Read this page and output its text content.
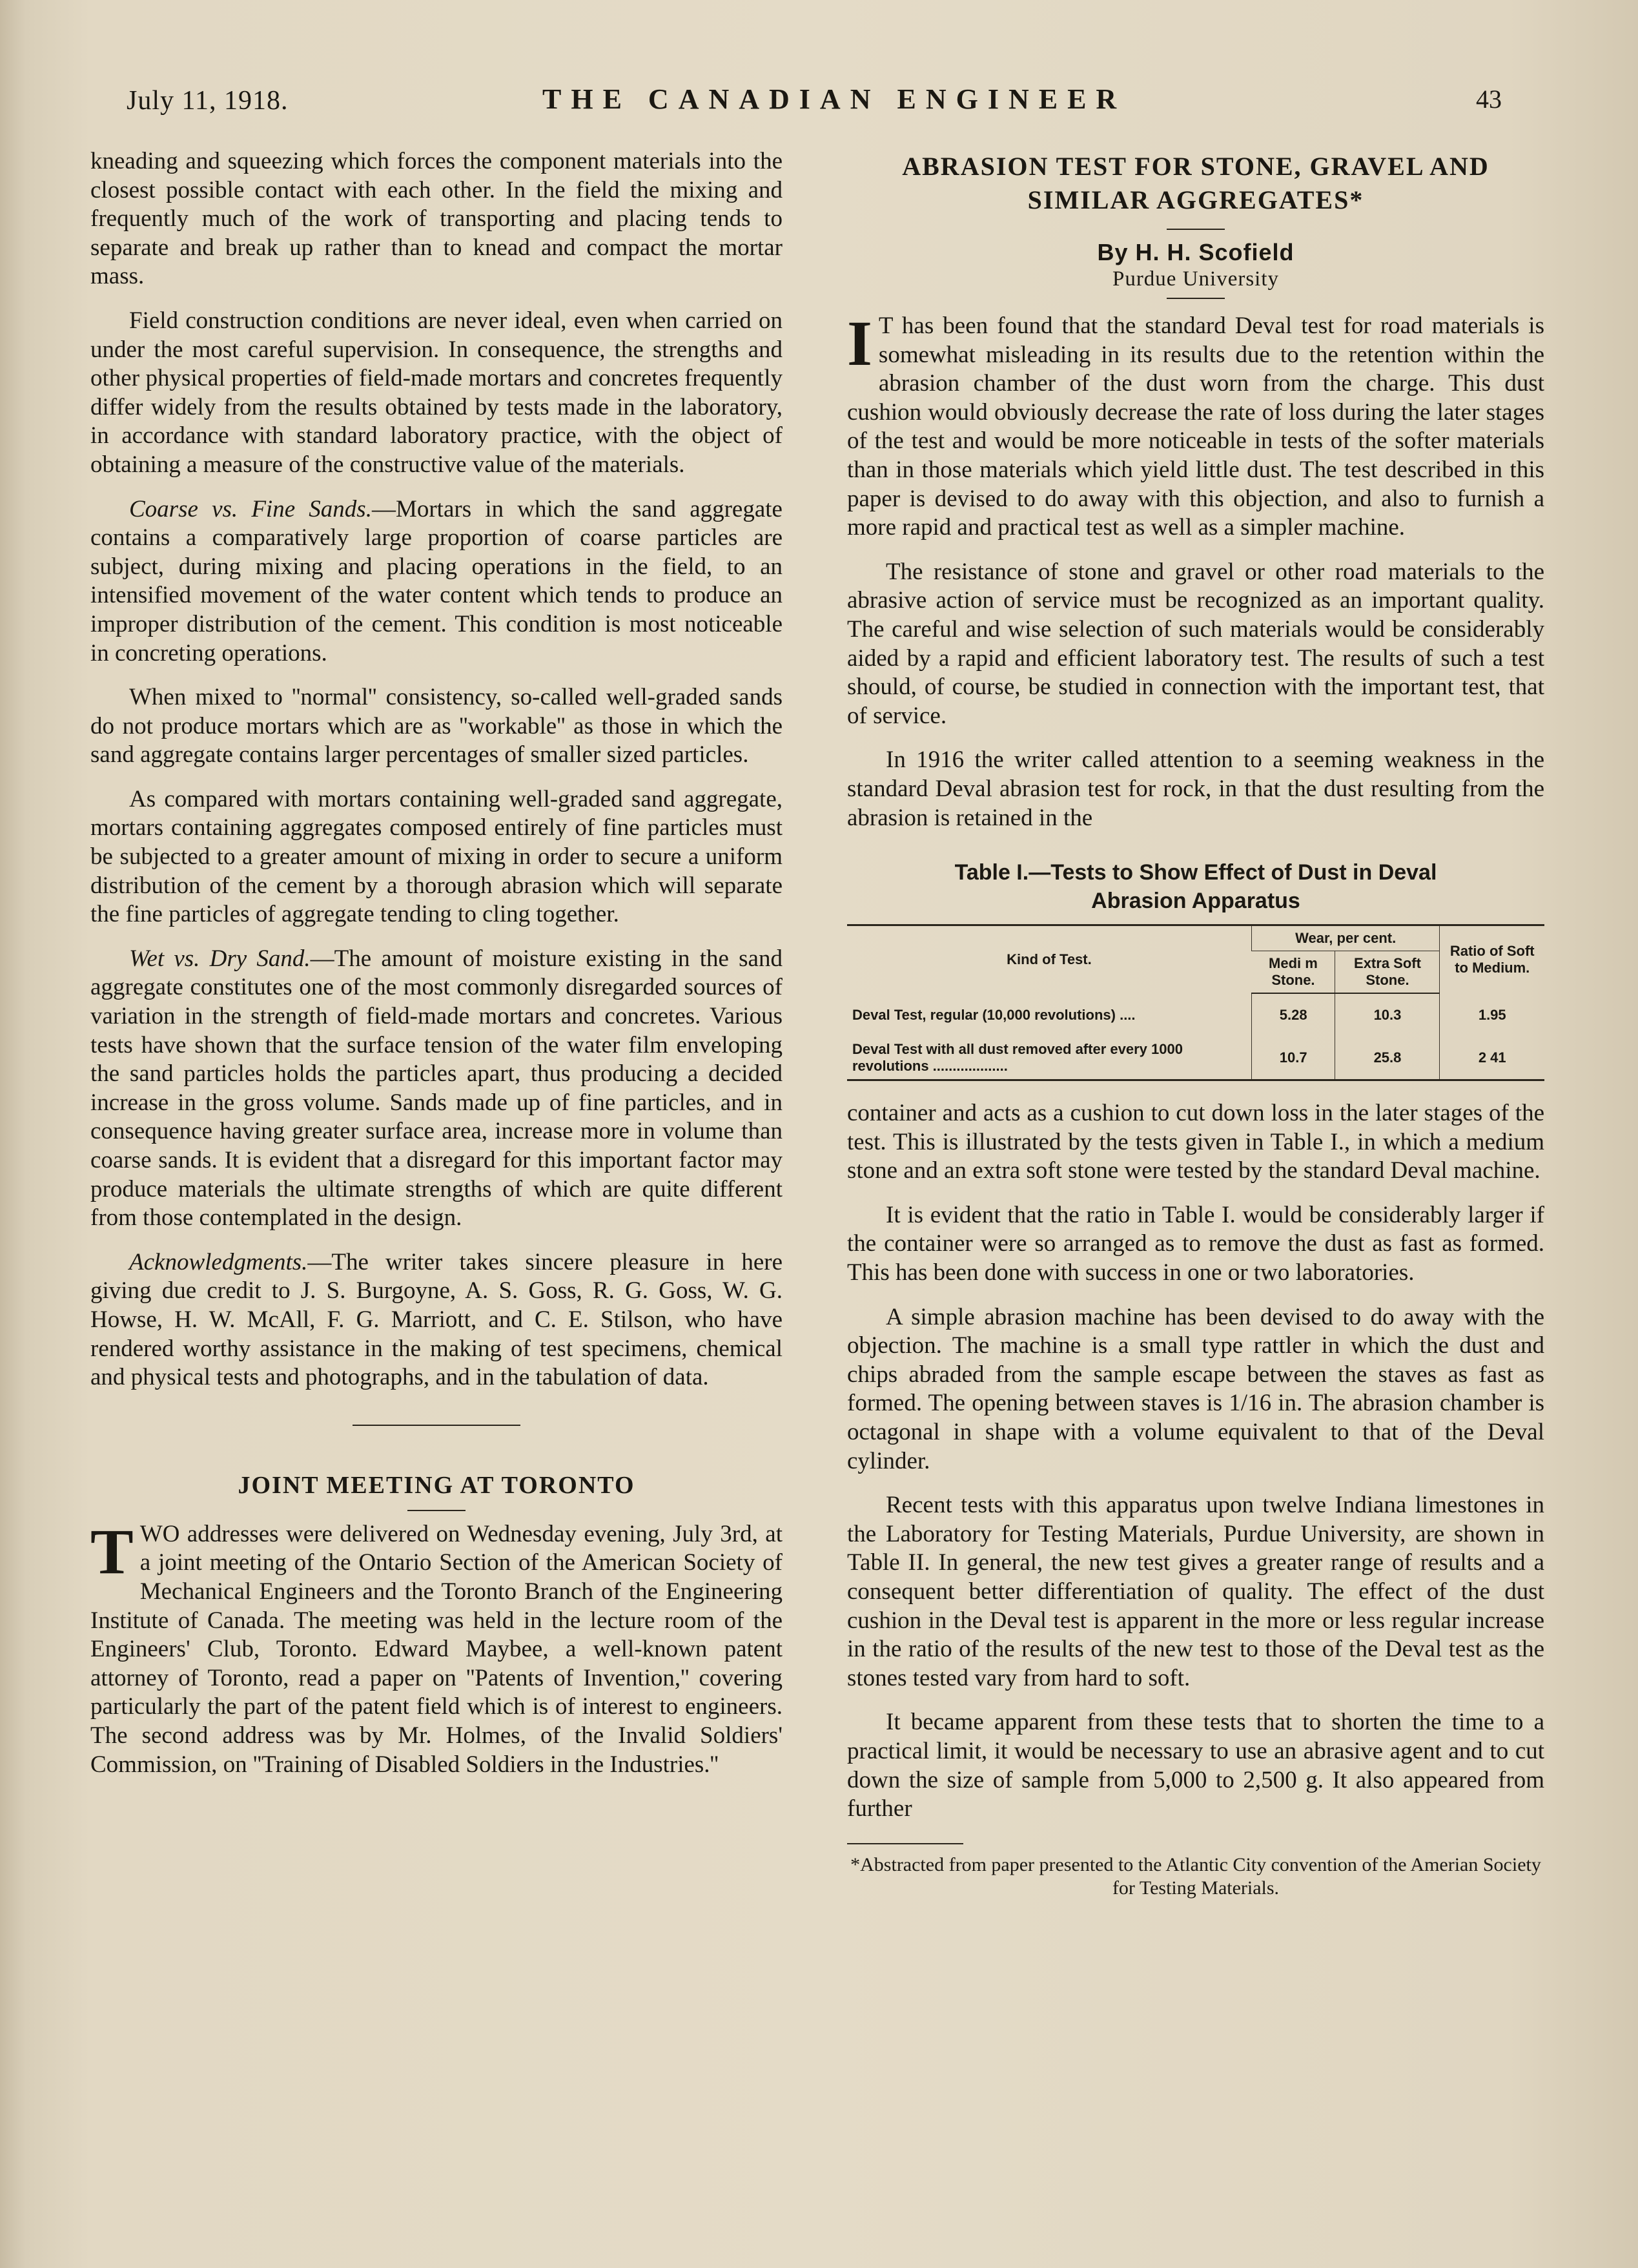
July 11, 1918.	THE CANADIAN ENGINEER	43

kneading and squeezing which forces the component materials into the closest possible contact with each other. In the field the mixing and frequently much of the work of transporting and placing tends to separate and break up rather than to knead and compact the mortar mass.

Field construction conditions are never ideal, even when carried on under the most careful supervision. In consequence, the strengths and other physical properties of field-made mortars and concretes frequently differ widely from the results obtained by tests made in the laboratory, in accordance with standard laboratory practice, with the object of obtaining a measure of the constructive value of the materials.

Coarse vs. Fine Sands.—Mortars in which the sand aggregate contains a comparatively large proportion of coarse particles are subject, during mixing and placing operations in the field, to an intensified movement of the water content which tends to produce an improper distribution of the cement. This condition is most noticeable in concreting operations.

When mixed to ''normal'' consistency, so-called well-graded sands do not produce mortars which are as ''workable'' as those in which the sand aggregate contains larger percentages of smaller sized particles.

As compared with mortars containing well-graded sand aggregate, mortars containing aggregates composed entirely of fine particles must be subjected to a greater amount of mixing in order to secure a uniform distribution of the cement by a thorough abrasion which will separate the fine particles of aggregate tending to cling together.

Wet vs. Dry Sand.—The amount of moisture existing in the sand aggregate constitutes one of the most commonly disregarded sources of variation in the strength of field-made mortars and concretes. Various tests have shown that the surface tension of the water film enveloping the sand particles holds the particles apart, thus producing a decided increase in the gross volume. Sands made up of fine particles, and in consequence having greater surface area, increase more in volume than coarse sands. It is evident that a disregard for this important factor may produce materials the ultimate strengths of which are quite different from those contemplated in the design.

Acknowledgments.—The writer takes sincere pleasure in here giving due credit to J. S. Burgoyne, A. S. Goss, R. G. Goss, W. G. Howse, H. W. McAll, F. G. Marriott, and C. E. Stilson, who have rendered worthy assistance in the making of test specimens, chemical and physical tests and photographs, and in the tabulation of data.

JOINT MEETING AT TORONTO

TWO addresses were delivered on Wednesday evening, July 3rd, at a joint meeting of the Ontario Section of the American Society of Mechanical Engineers and the Toronto Branch of the Engineering Institute of Canada. The meeting was held in the lecture room of the Engineers' Club, Toronto. Edward Maybee, a well-known patent attorney of Toronto, read a paper on ''Patents of Invention,'' covering particularly the part of the patent field which is of interest to engineers. The second address was by Mr. Holmes, of the Invalid Soldiers' Commission, on ''Training of Disabled Soldiers in the Industries.''

ABRASION TEST FOR STONE, GRAVEL AND
SIMILAR AGGREGATES*
By H. H. Scofield
Purdue University

I T has been found that the standard Deval test for road materials is somewhat misleading in its results due to the retention within the abrasion chamber of the dust worn from the charge. This dust cushion would obviously decrease the rate of loss during the later stages of the test and would be more noticeable in tests of the softer materials than in those materials which yield little dust. The test described in this paper is devised to do away with this objection, and also to furnish a more rapid and practical test as well as a simpler machine.

The resistance of stone and gravel or other road materials to the abrasive action of service must be recognized as an important quality. The careful and wise selection of such materials would be considerably aided by a rapid and efficient laboratory test. The results of such a test should, of course, be studied in connection with the important test, that of service.

In 1916 the writer called attention to a seeming weakness in the standard Deval abrasion test for rock, in that the dust resulting from the abrasion is retained in the

Table I.—Tests to Show Effect of Dust in Deval
Abrasion Apparatus
Kind of Test.	Wear, per cent.		Ratio of Soft to Medium.
	Medi m Stone.	Extra Soft Stone.	
Deval Test, regular (10,000 revolutions) ....	5.28	10.3	1.95
Deval Test with all dust removed after every 1000 revolutions ...................	10.7	25.8	2 41

container and acts as a cushion to cut down loss in the later stages of the test. This is illustrated by the tests given in Table I., in which a medium stone and an extra soft stone were tested by the standard Deval machine.

It is evident that the ratio in Table I. would be considerably larger if the container were so arranged as to remove the dust as fast as formed. This has been done with success in one or two laboratories.

A simple abrasion machine has been devised to do away with the objection. The machine is a small type rattler in which the dust and chips abraded from the sample escape between the staves as fast as formed. The opening between staves is 1/16 in. The abrasion chamber is octagonal in shape with a volume equivalent to that of the Deval cylinder.

Recent tests with this apparatus upon twelve Indiana limestones in the Laboratory for Testing Materials, Purdue University, are shown in Table II. In general, the new test gives a greater range of results and a consequent better differentiation of quality. The effect of the dust cushion in the Deval test is apparent in the more or less regular increase in the ratio of the results of the new test to those of the Deval test as the stones tested vary from hard to soft.

It became apparent from these tests that to shorten the time to a practical limit, it would be necessary to use an abrasive agent and to cut down the size of sample from 5,000 to 2,500 g. It also appeared from further

*Abstracted from paper presented to the Atlantic City convention of the Amerian Society for Testing Materials.
